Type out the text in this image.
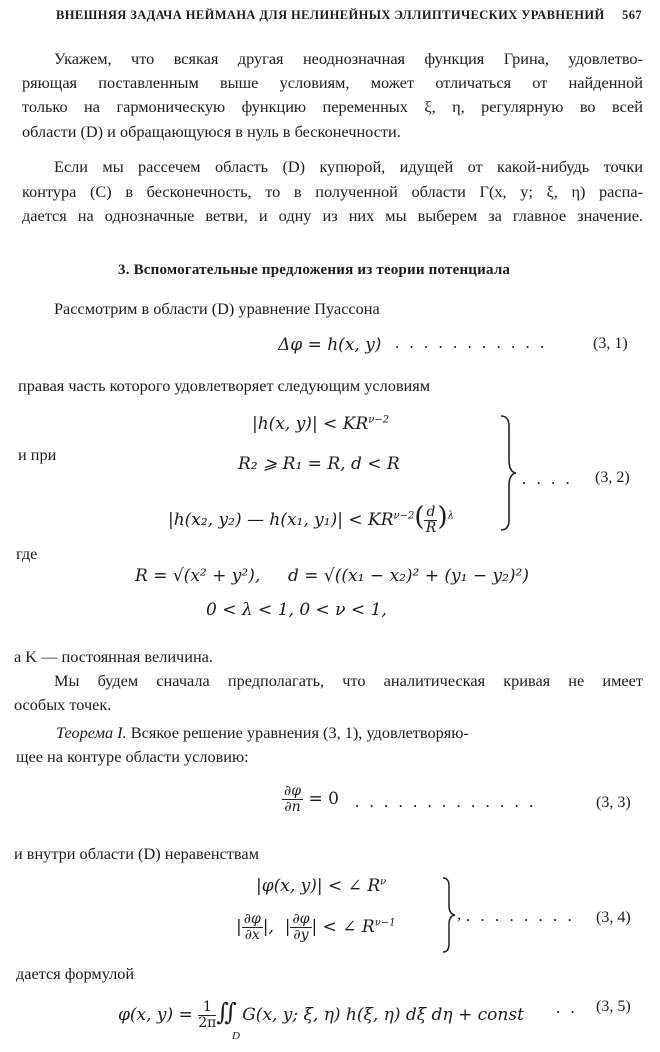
ВНЕШНЯЯ ЗАДАЧА НЕЙМАНА ДЛЯ НЕЛИНЕЙНЫХ ЭЛЛИПТИЧЕСКИХ УРАВНЕНИЙ 567
Укажем, что всякая другая неоднозначная функция Грина, удовлетво-
ряющая поставленным выше условиям, может отличаться от найденной
только на гармоническую функцию переменных ξ, η, регулярную во всей
области (D) и обращающуюся в нуль в бесконечности.
Если мы рассечем область (D) купюрой, идущей от какой-нибудь точки
контура (C) в бесконечность, то в полученной области Γ(x, y; ξ, η) распа-
дается на однозначные ветви, и одну из них мы выберем за главное значение.
3. Вспомогательные предложения из теории потенциала
Рассмотрим в области (D) уравнение Пуассона
Δφ = h(x, y) . . . . . . . . . . .	(3, 1)
правая часть которого удовлетворяет следующим условиям
|h(x, $y)| < KR^{\nu-2}$
и при	R₂ ⩾ R₁ = R, d < R
|h(x₂, y₂) — h(x₁, $y_1)| < KR^{\nu-2}( \frac{d}{R} )^\lambda$
. . . . (3, 2)
где
R = √(x² + y²), d = √((x₁ − x₂)² + (y₁ − y₂)²)
0 < λ < 1, 0 < ν < 1,
а K — постоянная величина.
Мы будем сначала предполагать, что аналитическая кривая не имеет
особых точек.
Теорема I. Всякое решение уравнения (3, 1), удовлетворяю-
щее на контуре области условию:
$\frac{\partial\varphi}{\partial n} = 0$ . . . . . . . . . . . . .	(3, 3)
и внутри области (D) неравенствам
|φ(x, y)| < ∠ $R^\nu$
| $\frac{\partial\varphi}{\partial x}$ |,  | $\frac{\partial\varphi}{\partial y}$ | < ∠ $R^{\nu-1}$	, . . . . . . . . (3, 4)
дается формулой
φ(x, $y) = \frac{1}{2\pi}$ ∬ G(x, y; ξ, η) h(ξ, η) dξ dη + const
D
. . (3, 5)
